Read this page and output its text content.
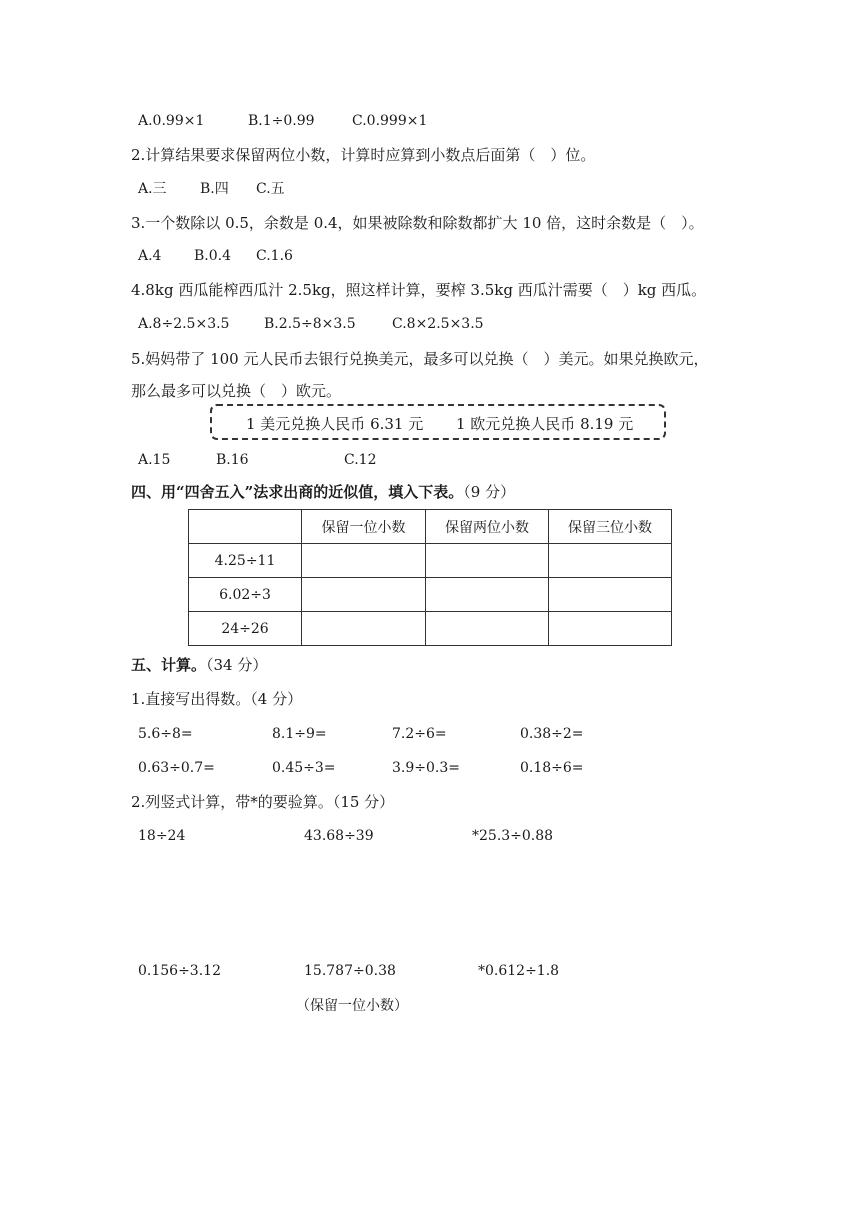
A.0.99×1	B.1÷0.99	C.0.999×1
2.计算结果要求保留两位小数，计算时应算到小数点后面第（　）位。
A.三 B.四 C.五
3.一个数除以 0.5，余数是 0.4，如果被除数和除数都扩大 10 倍，这时余数是（　）。
A.4 B.0.4 C.1.6
4.8kg 西瓜能榨西瓜汁 2.5kg，照这样计算，要榨 3.5kg 西瓜汁需要（　）kg 西瓜。
A.8÷2.5×3.5 B.2.5÷8×3.5	C.8×2.5×3.5
5.妈妈带了 100 元人民币去银行兑换美元，最多可以兑换（　）美元。如果兑换欧元，
那么最多可以兑换（　）欧元。
1 美元兑换人民币 6.31 元 1 欧元兑换人民币 8.19 元
A.15	B.16	C.12
四、用“四舍五入”法求出商的近似值，填入下表。（9 分）
	保留一位小数	保留两位小数	保留三位小数
4.25÷11			
6.02÷3			
24÷26			
五、计算。（34 分）
1.直接写出得数。（4 分）
5.6÷8=	8.1÷9=	7.2÷6=	0.38÷2=
0.63÷0.7=	0.45÷3=	3.9÷0.3=	0.18÷6=
2.列竖式计算，带*的要验算。（15 分）
18÷24	43.68÷39	*25.3÷0.88
0.156÷3.12	15.787÷0.38	*0.612÷1.8
（保留一位小数）
